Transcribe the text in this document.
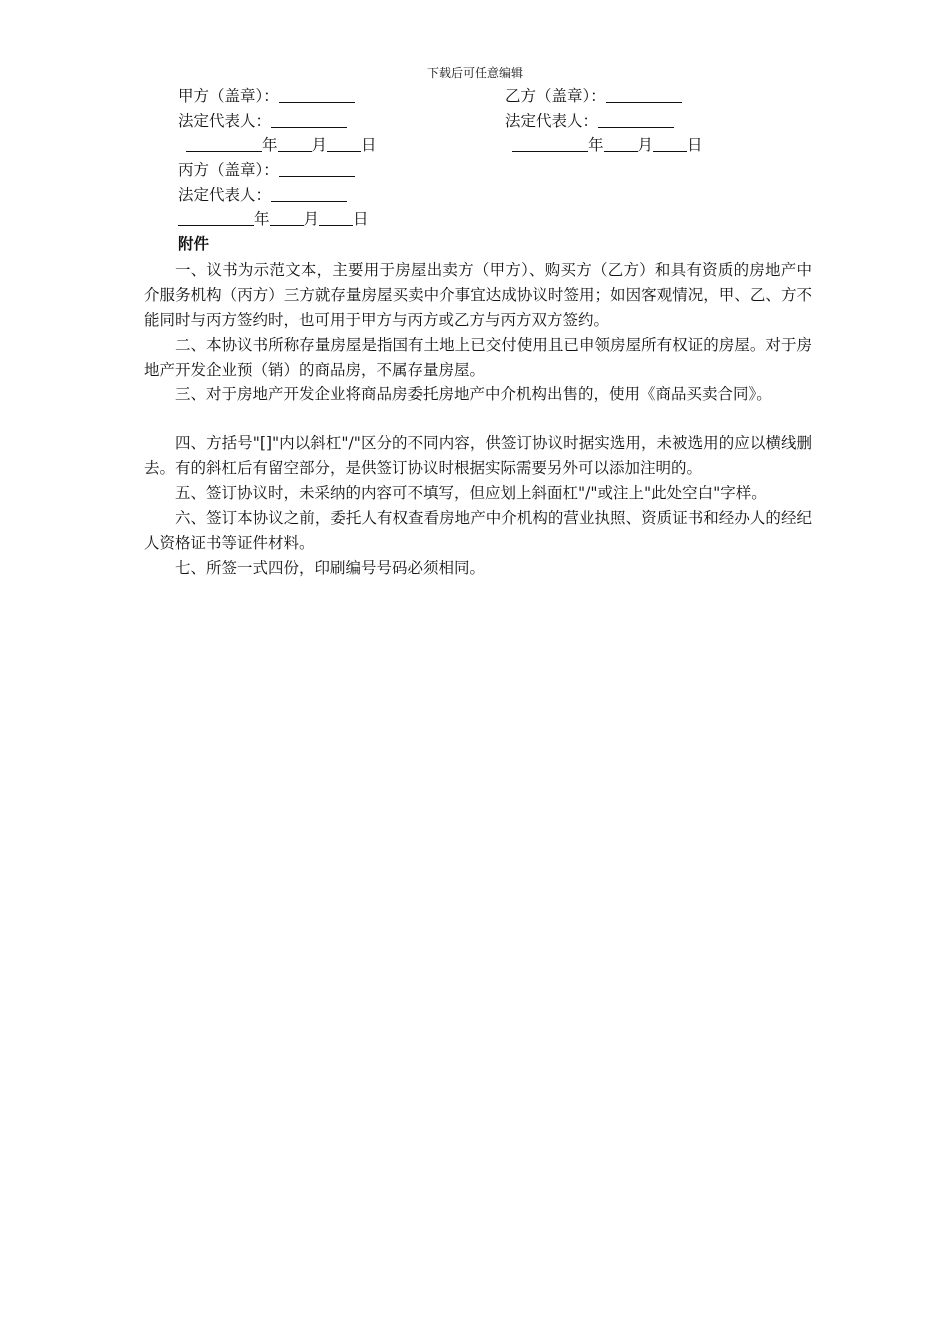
下载后可任意编辑
甲方（盖章）：	乙方（盖章）：
法定代表人：	法定代表人：
年 月 日	年 月 日
丙方（盖章）：
法定代表人：
年 月 日
附件

一、议书为示范文本，主要用于房屋出卖方（甲方）、购买方（乙方）和具有资质的房地产中介服务机构（丙方）三方就存量房屋买卖中介事宜达成协议时签用；如因客观情况，甲、乙、方不能同时与丙方签约时，也可用于甲方与丙方或乙方与丙方双方签约。

二、本协议书所称存量房屋是指国有土地上已交付使用且已申领房屋所有权证的房屋。对于房地产开发企业预（销）的商品房，不属存量房屋。

三、对于房地产开发企业将商品房委托房地产中介机构出售的，使用《商品买卖合同》。

四、方括号"[]"内以斜杠"/"区分的不同内容，供签订协议时据实选用，未被选用的应以横线删去。有的斜杠后有留空部分，是供签订协议时根据实际需要另外可以添加注明的。

五、签订协议时，未采纳的内容可不填写，但应划上斜面杠"/"或注上"此处空白"字样。

六、签订本协议之前，委托人有权查看房地产中介机构的营业执照、资质证书和经办人的经纪人资格证书等证件材料。

七、所签一式四份，印刷编号号码必须相同。
